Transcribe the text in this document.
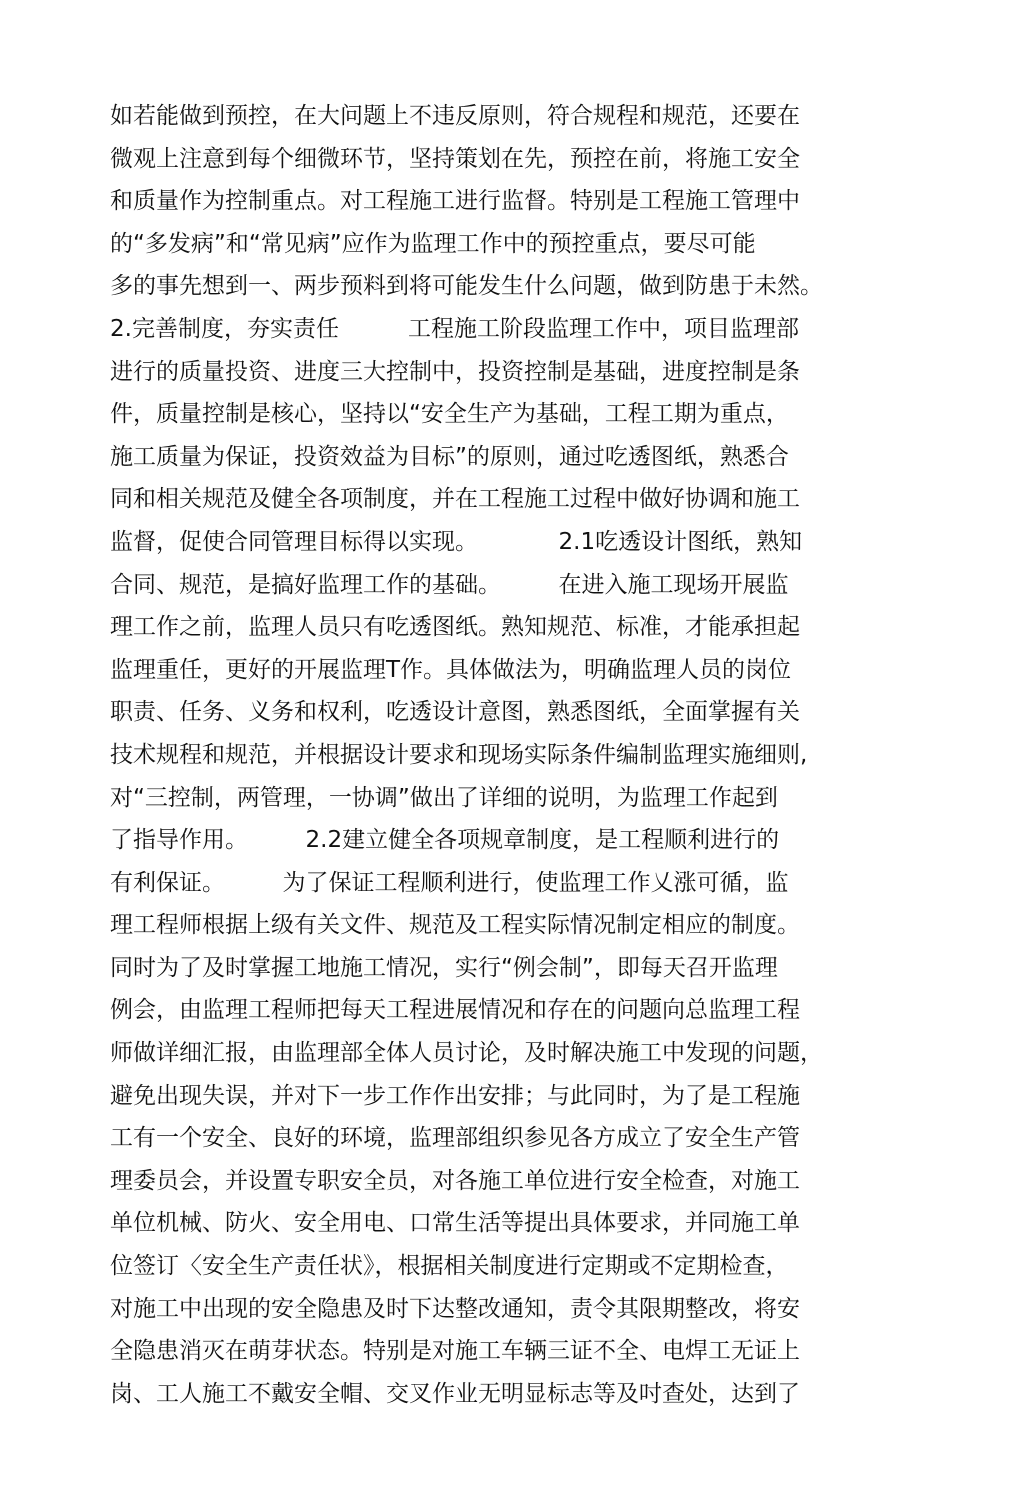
如若能做到预控，在大问题上不违反原则，符合规程和规范，还要在
微观上注意到每个细微环节，坚持策划在先，预控在前，将施工安全
和质量作为控制重点。对工程施工进行监督。特别是工程施工管理中
的“多发病”和“常见病”应作为监理工作中的预控重点，要尽可能
多的事先想到一、两步预料到将可能发生什么问题，做到防患于未然。
2.完善制度，夯实责任　　　工程施工阶段监理工作中，项目监理部
进行的质量投资、进度三大控制中，投资控制是基础，进度控制是条
件，质量控制是核心，坚持以“安全生产为基础，工程工期为重点，
施工质量为保证，投资效益为目标”的原则，通过吃透图纸，熟悉合
同和相关规范及健全各项制度，并在工程施工过程中做好协调和施工
监督，促使合同管理目标得以实现。　　　　2.1吃透设计图纸，熟知
合同、规范，是搞好监理工作的基础。　　　在进入施工现场开展监
理工作之前，监理人员只有吃透图纸。熟知规范、标准，才能承担起
监理重任，更好的开展监理T作。具体做法为，明确监理人员的岗位
职责、任务、义务和权利，吃透设计意图，熟悉图纸，全面掌握有关
技术规程和规范，并根据设计要求和现场实际条件编制监理实施细则,
对“三控制，两管理，一协调”做出了详细的说明，为监理工作起到
了指导作用。　　　2.2建立健全各项规章制度，是工程顺利进行的
有利保证。　　　为了保证工程顺利进行，使监理工作乂涨可循，监
理工程师根据上级有关文件、规范及工程实际情况制定相应的制度。
同时为了及时掌握工地施工情况，实行“例会制”，即每天召开监理
例会，由监理工程师把每天工程进展情况和存在的问题向总监理工程
师做详细汇报，由监理部全体人员讨论，及时解决施工中发现的问题，
避免出现失误，并对下一步工作作出安排；与此同时，为了是工程施
工有一个安全、良好的环境，监理部组织参见各方成立了安全生产管
理委员会，并设置专职安全员，对各施工单位进行安全检查，对施工
单位机械、防火、安全用电、口常生活等提出具体要求，并同施工单
位签订〈安全生产责任状》，根据相关制度进行定期或不定期检查，
对施工中出现的安全隐患及时下达整改通知，责令其限期整改，将安
全隐患消灭在萌芽状态。特别是对施工车辆三证不全、电焊工无证上
岗、工人施工不戴安全帽、交叉作业无明显标志等及吋查处，达到了
